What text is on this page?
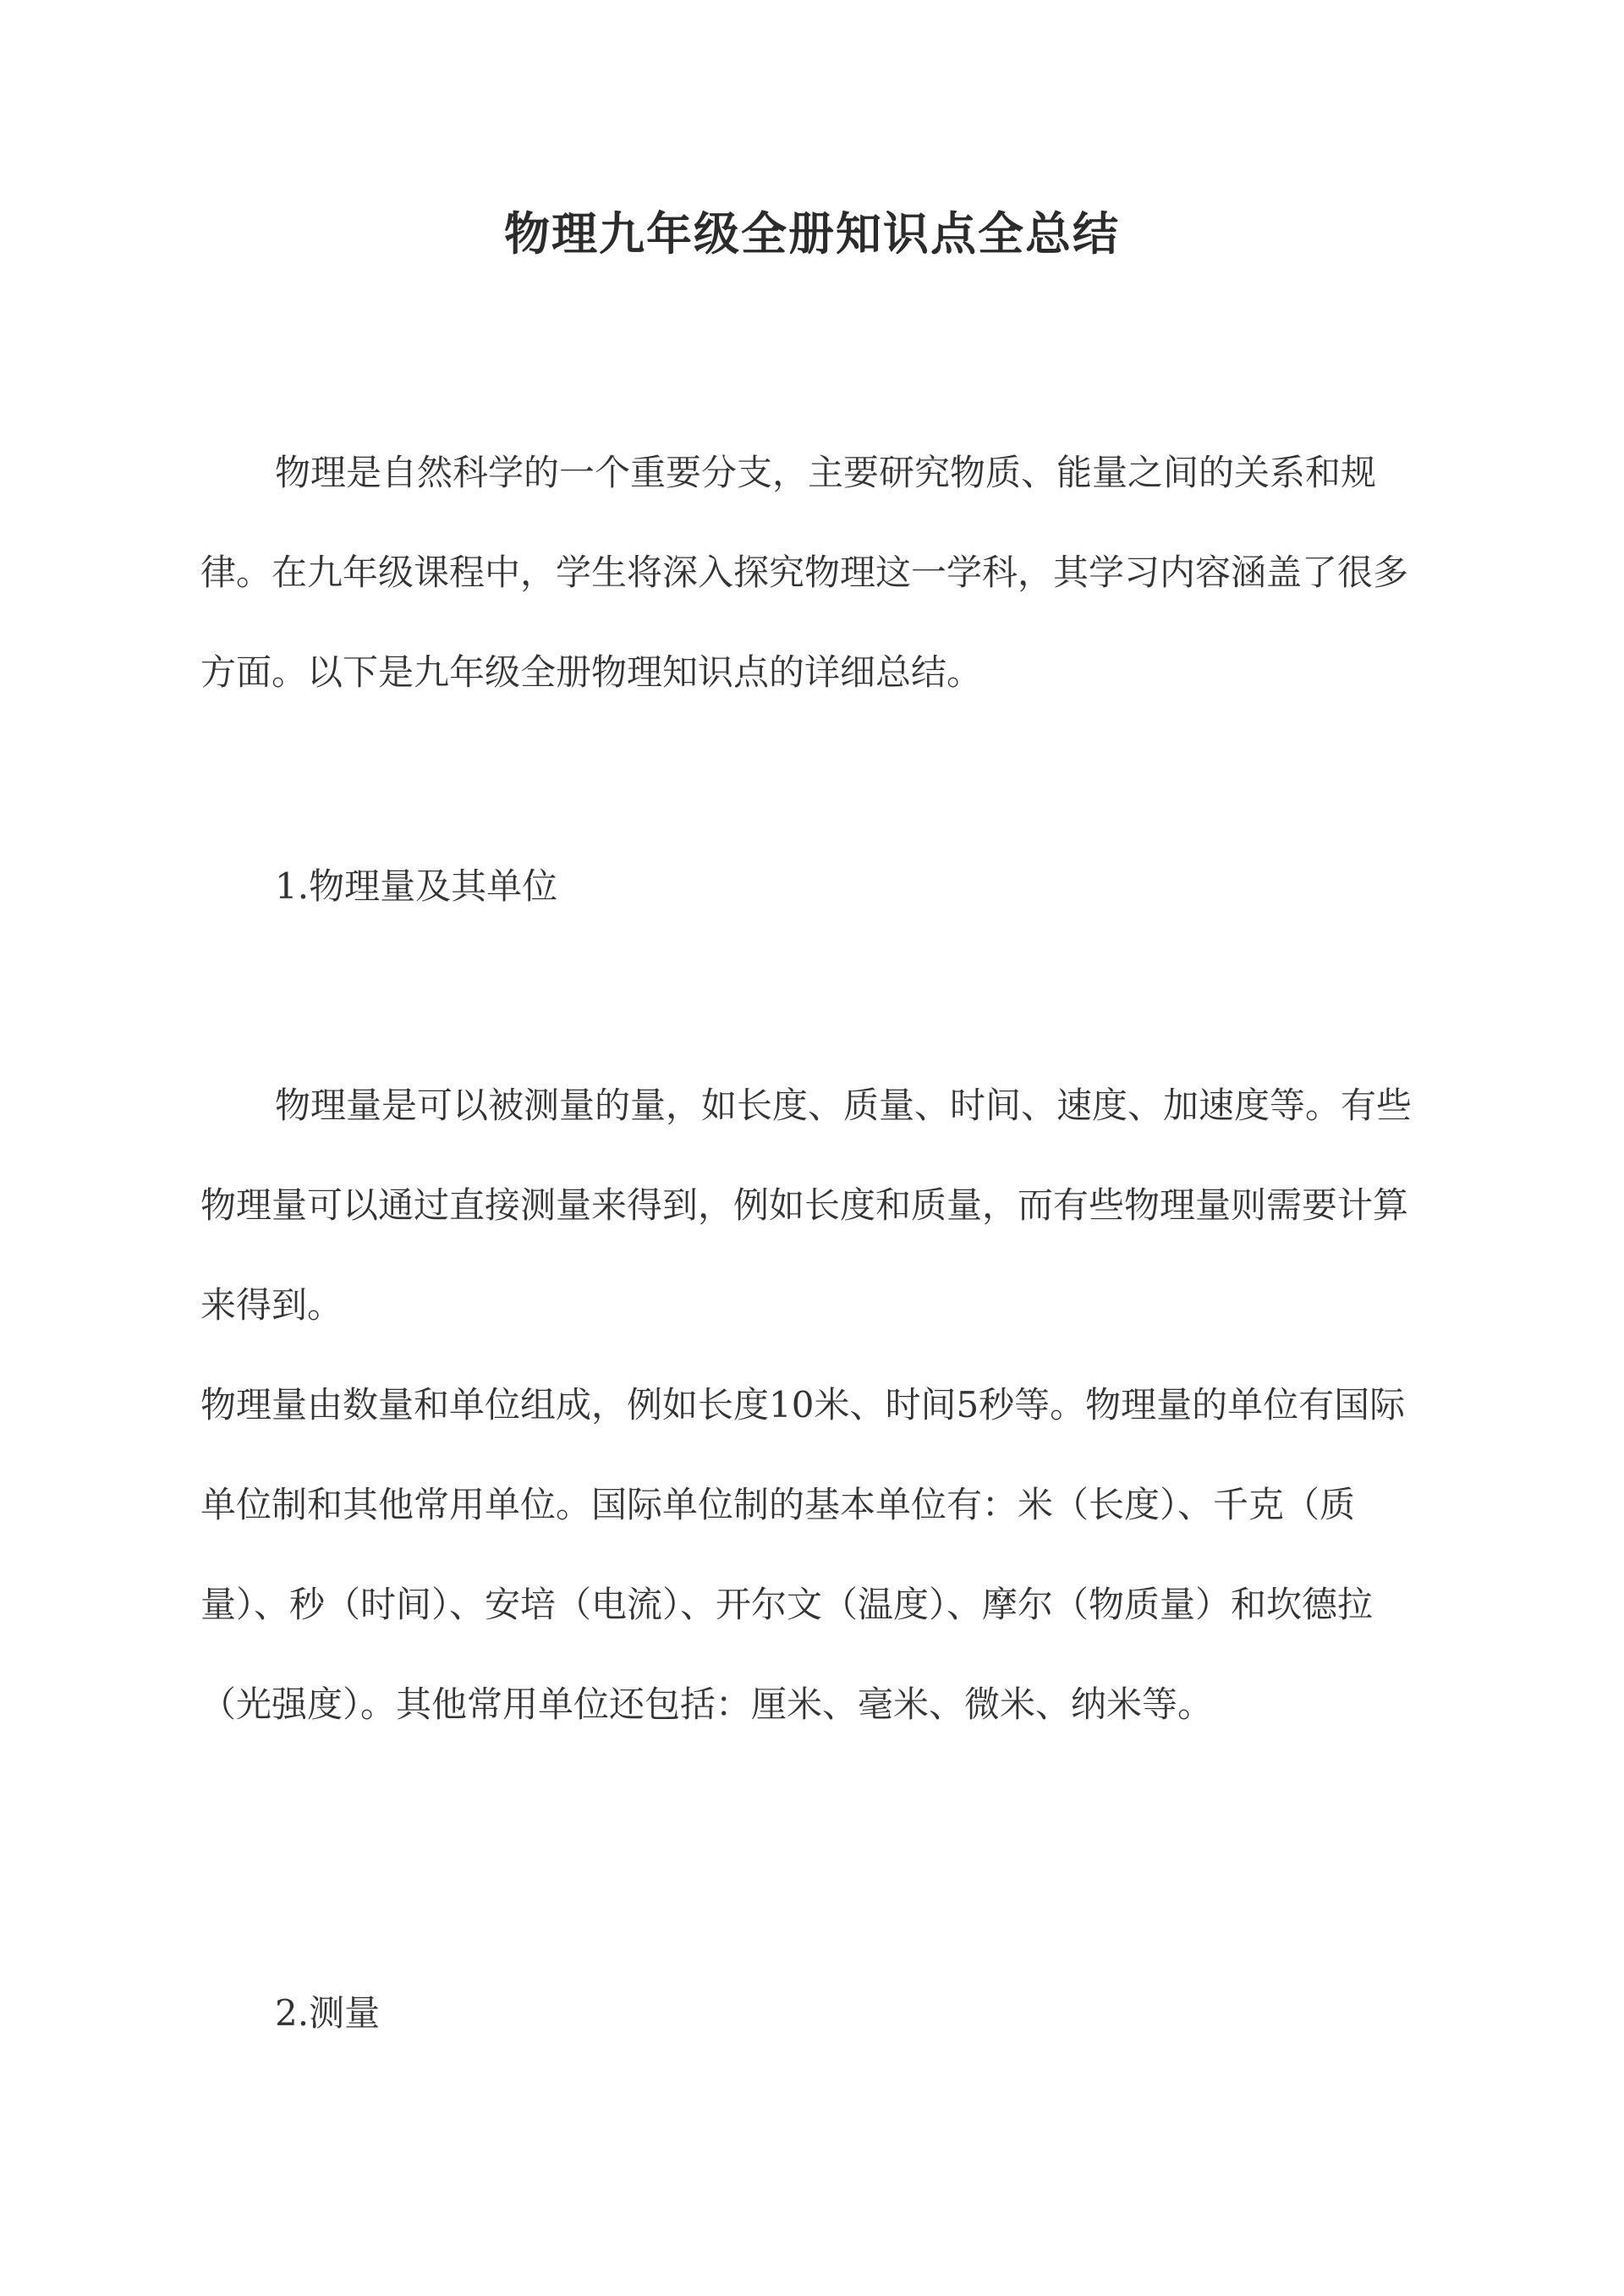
物理九年级全册知识点全总结

物理是自然科学的一个重要分支，主要研究物质、能量之间的关系和规律。在九年级课程中，学生将深入探究物理这一学科，其学习内容涵盖了很多方面。以下是九年级全册物理知识点的详细总结。

1.物理量及其单位

物理量是可以被测量的量，如长度、质量、时间、速度、加速度等。有些物理量可以通过直接测量来得到，例如长度和质量，而有些物理量则需要计算来得到。

物理量由数量和单位组成，例如长度10米、时间5秒等。物理量的单位有国际单位制和其他常用单位。国际单位制的基本单位有：米（长度）、千克（质量）、秒（时间）、安培（电流）、开尔文（温度）、摩尔（物质量）和坎德拉（光强度）。其他常用单位还包括：厘米、毫米、微米、纳米等。

2.测量
